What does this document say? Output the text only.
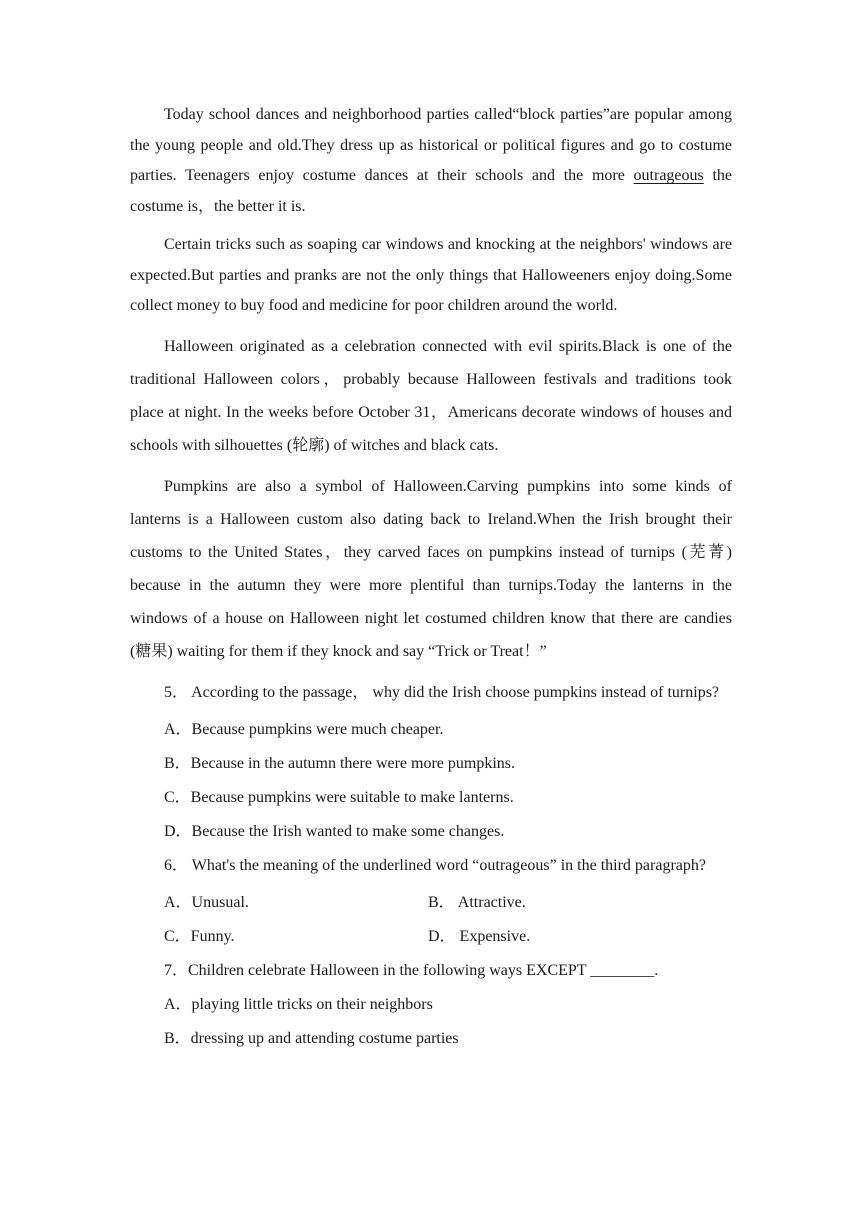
Today school dances and neighborhood parties called“block parties”are popular among the young people and old.They dress up as historical or political figures and go to costume parties. Teenagers enjoy costume dances at their schools and the more outrageous the costume is，the better it is.

Certain tricks such as soaping car windows and knocking at the neighbors' windows are expected.But parties and pranks are not the only things that Halloweeners enjoy doing.Some collect money to buy food and medicine for poor children around the world.

Halloween originated as a celebration connected with evil spirits.Black is one of the traditional Halloween colors，probably because Halloween festivals and traditions took place at night. In the weeks before October 31，Americans decorate windows of houses and schools with silhouettes (轮廓) of witches and black cats.

Pumpkins are also a symbol of Halloween.Carving pumpkins into some kinds of lanterns is a Halloween custom also dating back to Ireland.When the Irish brought their customs to the United States，they carved faces on pumpkins instead of turnips (芜菁) because in the autumn they were more plentiful than turnips.Today the lanterns in the windows of a house on Halloween night let costumed children know that there are candies (糖果) waiting for them if they knock and say “Trick or Treat！”

5． According to the passage， why did the Irish choose pumpkins instead of turnips?

A．Because pumpkins were much cheaper.
B．Because in the autumn there were more pumpkins.
C．Because pumpkins were suitable to make lanterns.
D．Because the Irish wanted to make some changes.

6． What's the meaning of the underlined word “outrageous” in the third paragraph?

A．Unusual.	B． Attractive.
C．Funny.	D． Expensive.
7．Children celebrate Halloween in the following ways EXCEPT ________.
A．playing little tricks on their neighbors
B．dressing up and attending costume parties
